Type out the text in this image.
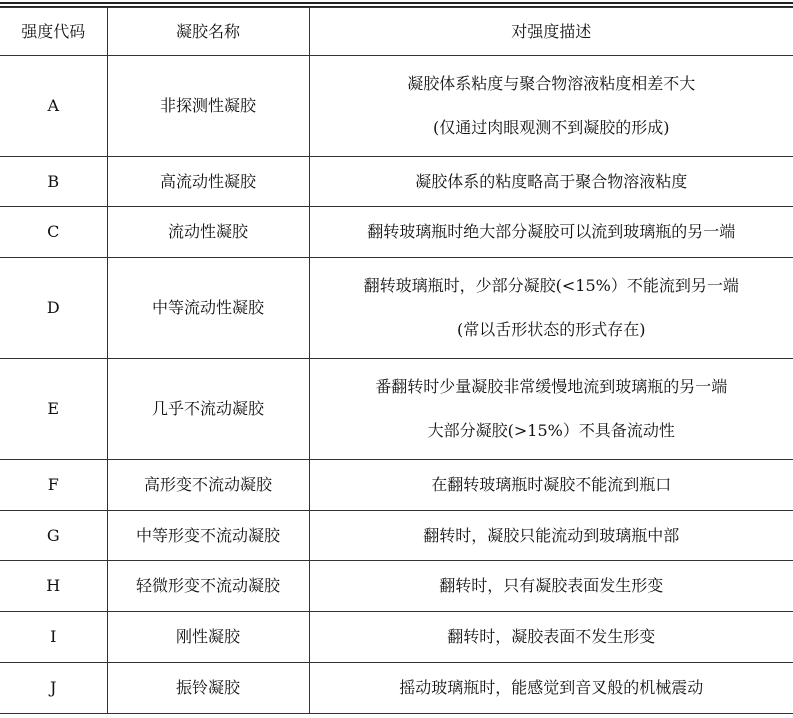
强度代码	凝胶名称	对强度描述
A	非探测性凝胶	凝胶体系粘度与聚合物溶液粘度相差不大
(仅通过肉眼观测不到凝胶的形成)

B	高流动性凝胶	凝胶体系的粘度略高于聚合物溶液粘度

C	流动性凝胶	翻转玻璃瓶时绝大部分凝胶可以流到玻璃瓶的另一端

D	中等流动性凝胶	翻转玻璃瓶时，少部分凝胶(<15%）不能流到另一端
(常以舌形状态的形式存在)

E	几乎不流动凝胶	番翻转时少量凝胶非常缓慢地流到玻璃瓶的另一端
大部分凝胶(>15%）不具备流动性

F	高形变不流动凝胶	在翻转玻璃瓶时凝胶不能流到瓶口

G	中等形变不流动凝胶	翻转时，凝胶只能流动到玻璃瓶中部

H	轻微形变不流动凝胶	翻转时，只有凝胶表面发生形变

I	刚性凝胶	翻转时，凝胶表面不发生形变

J	振铃凝胶	摇动玻璃瓶时，能感觉到音叉般的机械震动
